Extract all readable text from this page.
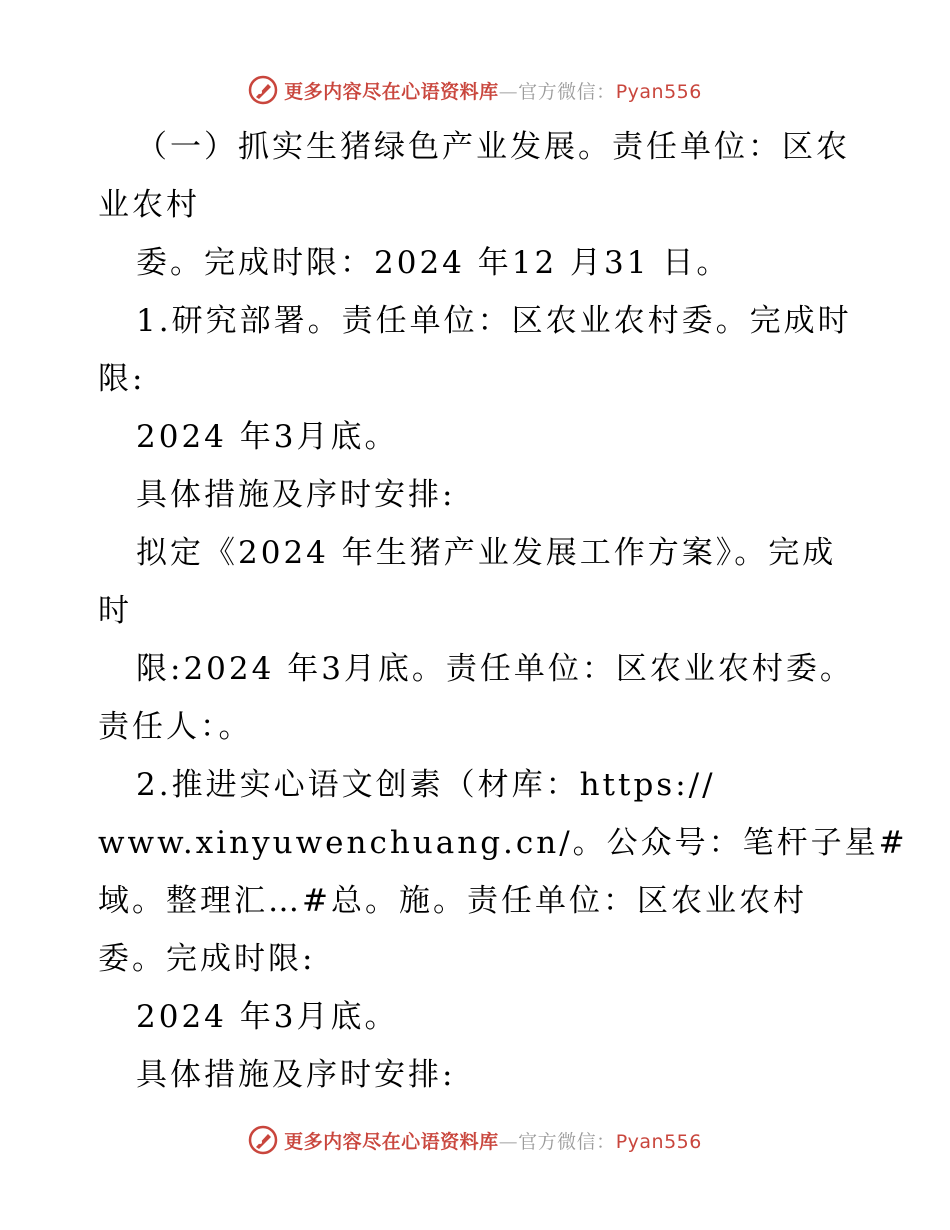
更多内容尽在心语资料库—官方微信：Pyan556
（一）抓实生猪绿色产业发展。责任单位：区农
业农村
委。完成时限：2024 年12 月31 日。
1.研究部署。责任单位：区农业农村委。完成时
限:
2024 年3月底。
具体措施及序时安排:
拟定《2024 年生猪产业发展工作方案》。完成
时
限:2024 年3月底。责任单位：区农业农村委。
责任人：。
2.推进实心语文创素（材库：https://
www.xinyuwenchuang.cn/。公众号：笔杆子星#
域。整理汇…#总。施。责任单位：区农业农村
委。完成时限:
2024 年3月底。
具体措施及序时安排:
更多内容尽在心语资料库—官方微信：Pyan556
